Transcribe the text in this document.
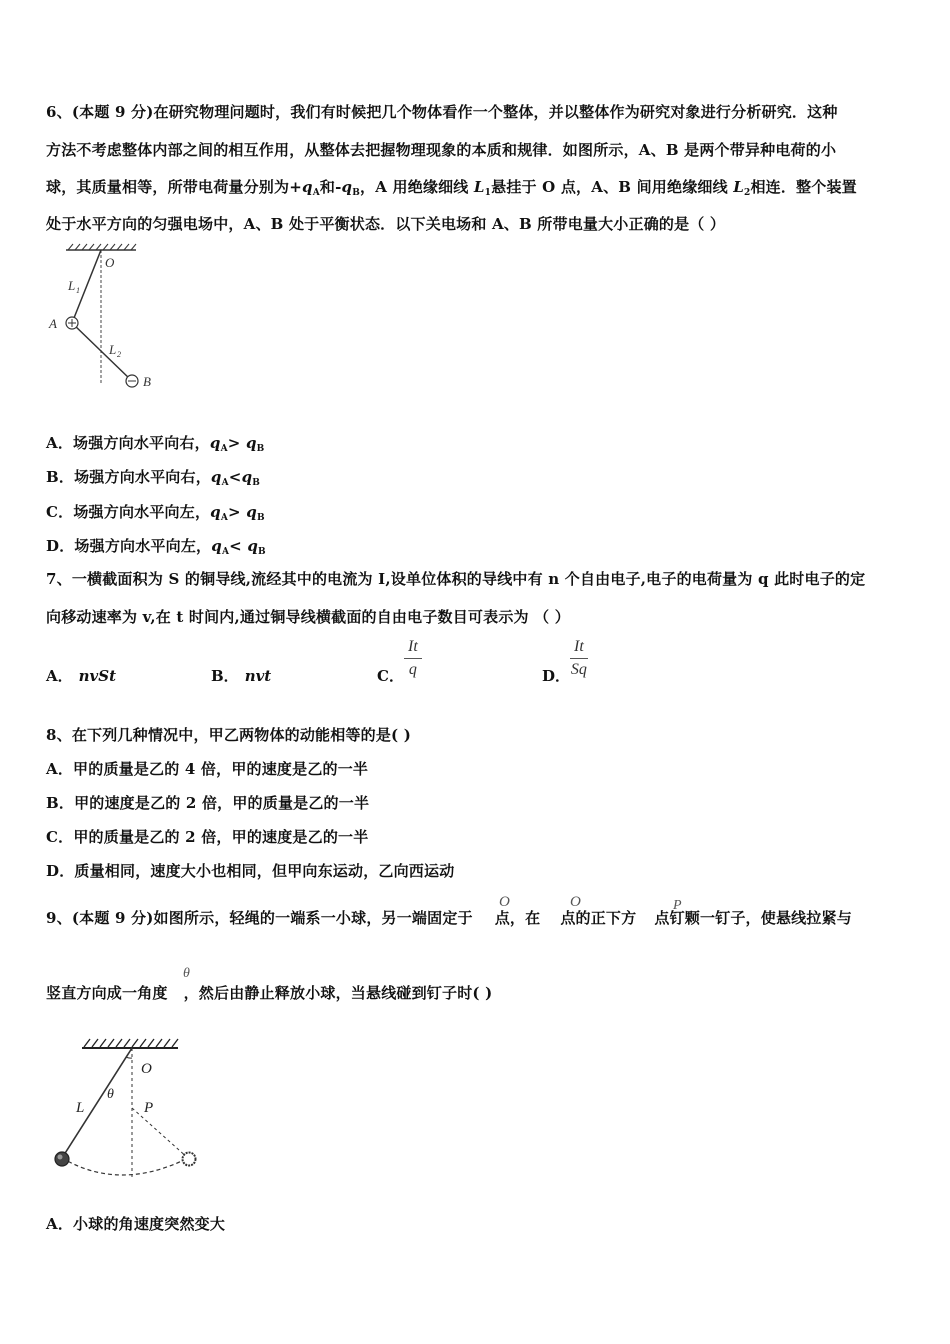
6、(本题 9 分)在研究物理问题时，我们有时候把几个物体看作一个整体，并以整体作为研究对象进行分析研究．这种
方法不考虑整体内部之间的相互作用，从整体去把握物理现象的本质和规律．如图所示，A、B 是两个带异种电荷的小
球，其质量相等，所带电荷量分别为$+q_A$和$-q_B$，A 用绝缘细线 $L_1$悬挂于 O 点，A、B 间用绝缘细线 $L_2$相连．整个装置
处于水平方向的匀强电场中，A、B 处于平衡状态．以下关电场和 A、B 所带电量大小正确的是（ ）
O
L 1
A
L 2
B
A．场强方向水平向右，$q_A> q_B$
B．场强方向水平向右，$q_A<q_B$
C．场强方向水平向左，$q_A> q_B$
D．场强方向水平向左，$q_A< q_B$
7、一横截面积为 S 的铜导线,流经其中的电流为 I,设单位体积的导线中有 n 个自由电子,电子的电荷量为 q 此时电子的定
向移动速率为 v,在 t 时间内,通过铜导线横截面的自由电子数目可表示为 （ ）
A． nvSt	B． nvt	C． $\frac{It}{q}$	D． $\frac{It}{Sq}$
8、在下列几种情况中，甲乙两物体的动能相等的是( )
A．甲的质量是乙的 4 倍，甲的速度是乙的一半
B．甲的速度是乙的 2 倍，甲的质量是乙的一半
C．甲的质量是乙的 2 倍，甲的速度是乙的一半
D．质量相同，速度大小也相同，但甲向东运动，乙向西运动
9、(本题 9 分)如图所示，轻绳的一端系一小球，另一端固定于 点，在 点的正下方 点钉颗一钉子，使悬线拉紧与
O	O	P
竖直方向成一角度 ，然后由静止释放小球，当悬线碰到钉子时( )
θ
O
L
θ
P
A．小球的角速度突然变大
